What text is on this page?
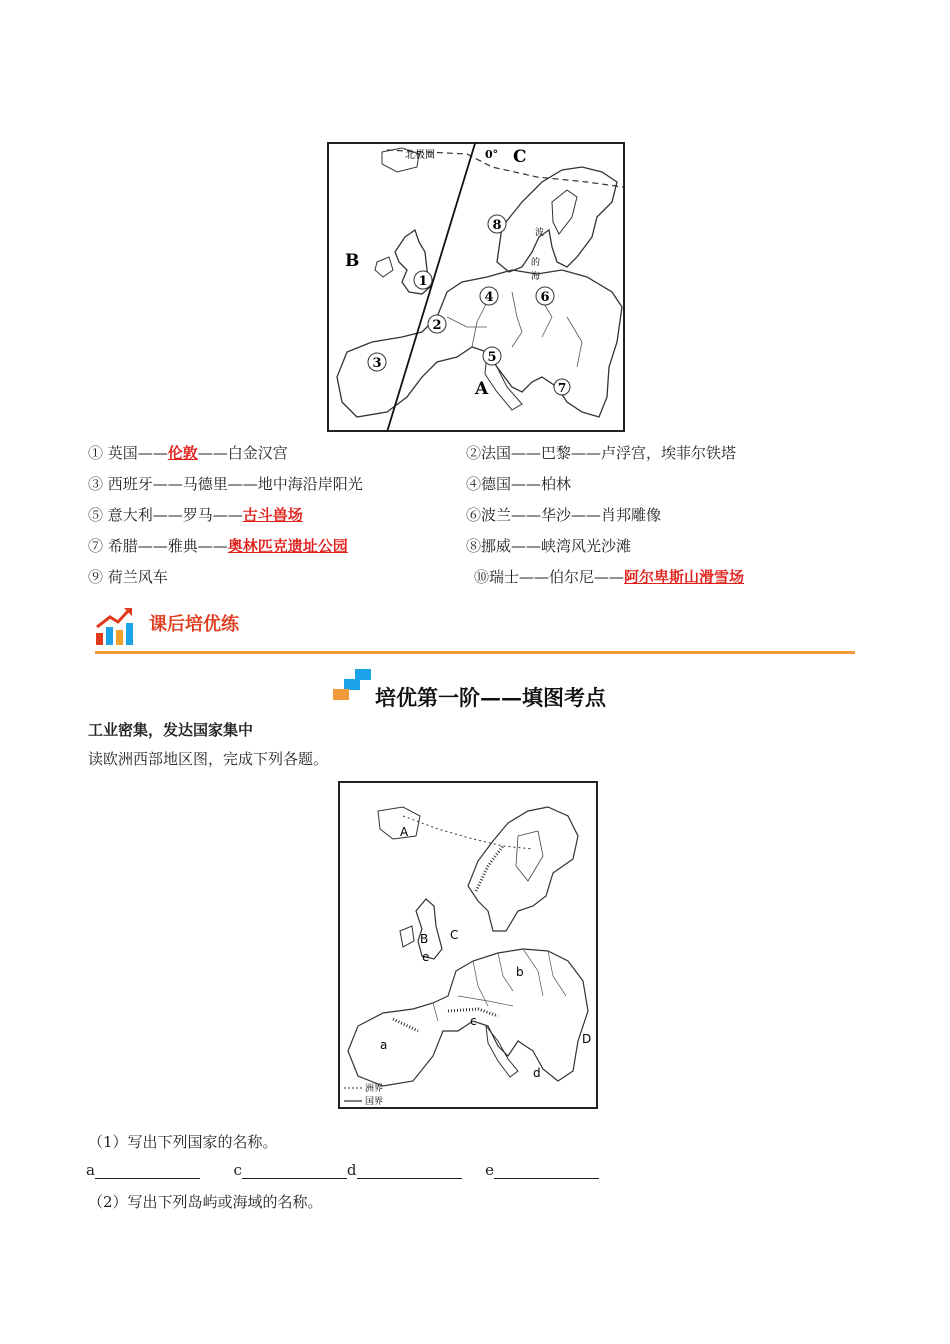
1
2
3
4
5
6
7
8
B
C
A
北极圈	0°
波
的
海
① 英国——伦敦——白金汉宫	②法国——巴黎——卢浮宫，埃菲尔铁塔
③ 西班牙——马德里——地中海沿岸阳光	④德国——柏林
⑤ 意大利——罗马——古斗兽场	⑥波兰——华沙——肖邦雕像
⑦ 希腊——雅典——奥林匹克遗址公园	⑧挪威——峡湾风光沙滩
⑨ 荷兰风车	⑩瑞士——伯尔尼——阿尔卑斯山滑雪场
课后培优练
培优第一阶——填图考点
工业密集，发达国家集中
读欧洲西部地区图，完成下列各题。
A
B C
D
a
b
c
d
e
洲界
国界
（1）写出下列国家的名称。
a	c	d	e
（2）写出下列岛屿或海域的名称。
